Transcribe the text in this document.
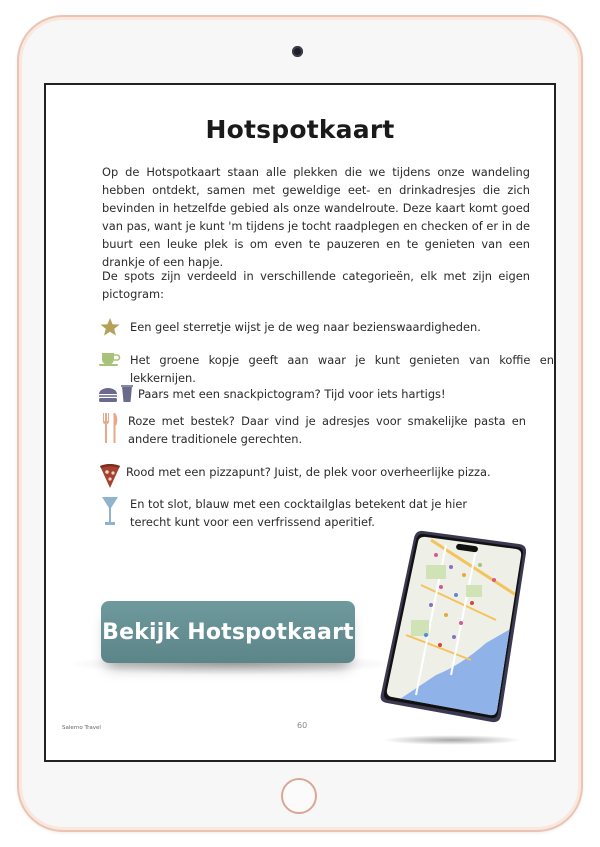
Hotspotkaart

Op de Hotspotkaart staan alle plekken die we tijdens onze wandeling hebben ontdekt, samen met geweldige eet- en drinkadresjes die zich bevinden in hetzelfde gebied als onze wandelroute. Deze kaart komt goed van pas, want je kunt 'm tijdens je tocht raadplegen en checken of er in de buurt een leuke plek is om even te pauzeren en te genieten van een drankje of een hapje.

De spots zijn verdeeld in verschillende categorieën, elk met zijn eigen pictogram:

Een geel sterretje wijst je de weg naar bezienswaardigheden.
Het groene kopje geeft aan waar je kunt genieten van koffie en lekkernijen.
Paars met een snackpictogram? Tijd voor iets hartigs!
Roze met bestek? Daar vind je adresjes voor smakelijke pasta en andere traditionele gerechten.
Rood met een pizzapunt? Juist, de plek voor overheerlijke pizza.
En tot slot, blauw met een cocktailglas betekent dat je hier terecht kunt voor een verfrissend aperitief.
Bekijk Hotspotkaart
Salerno Travel	60
